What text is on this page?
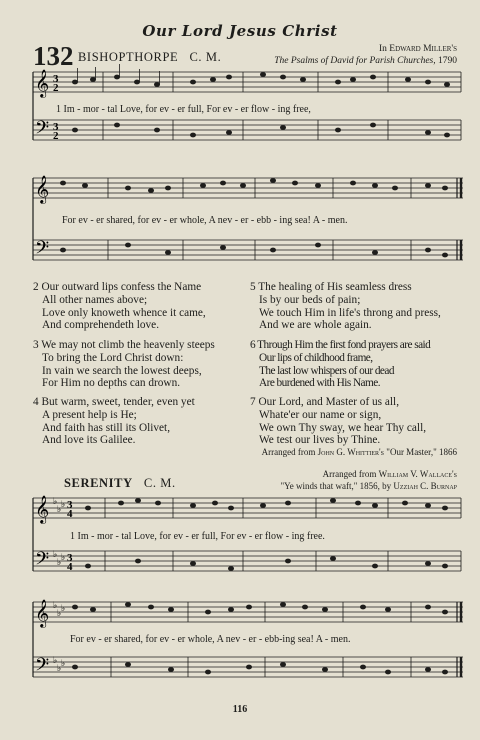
Our Lord Jesus Christ
132 BISHOPTHORPE C. M.
In Edward Miller's
The Psalms of David for Parish Churches, 1790
𝄞
𝄢
3
2
3
2
1 Im - mor - tal Love, for ev - er full, For ev - er flow - ing free,
𝄞
𝄢
For ev - er shared, for ev - er whole, A nev - er - ebb - ing sea! A - men.
2 Our outward lips confess the Name
All other names above;
Love only knoweth whence it came,
And comprehendeth love.
3 We may not climb the heavenly steeps
To bring the Lord Christ down:
In vain we search the lowest deeps,
For Him no depths can drown.
4 But warm, sweet, tender, even yet
A present help is He;
And faith has still its Olivet,
And love its Galilee.
5 The healing of His seamless dress
Is by our beds of pain;
We touch Him in life's throng and press,
And we are whole again.
6 Through Him the first fond prayers are said
Our lips of childhood frame,
The last low whispers of our dead
Are burdened with His Name.
7 Our Lord, and Master of us all,
Whate'er our name or sign,
We own Thy sway, we hear Thy call,
We test our lives by Thine.
Arranged from John G. Whittier's "Our Master," 1866
SERENITY C. M.
Arranged from William V. Wallace's
"Ye winds that waft," 1856, by Uzziah C. Burnap
𝄞
𝄢
♭
♭ ♭
♭
♭ ♭
3
4
3
4
1 Im - mor - tal Love, for ev - er full, For ev - er flow - ing free.
𝄞
𝄢
♭
♭ ♭
♭
♭ ♭
For ev - er shared, for ev - er whole, A nev - er - ebb-ing sea! A - men.
116
